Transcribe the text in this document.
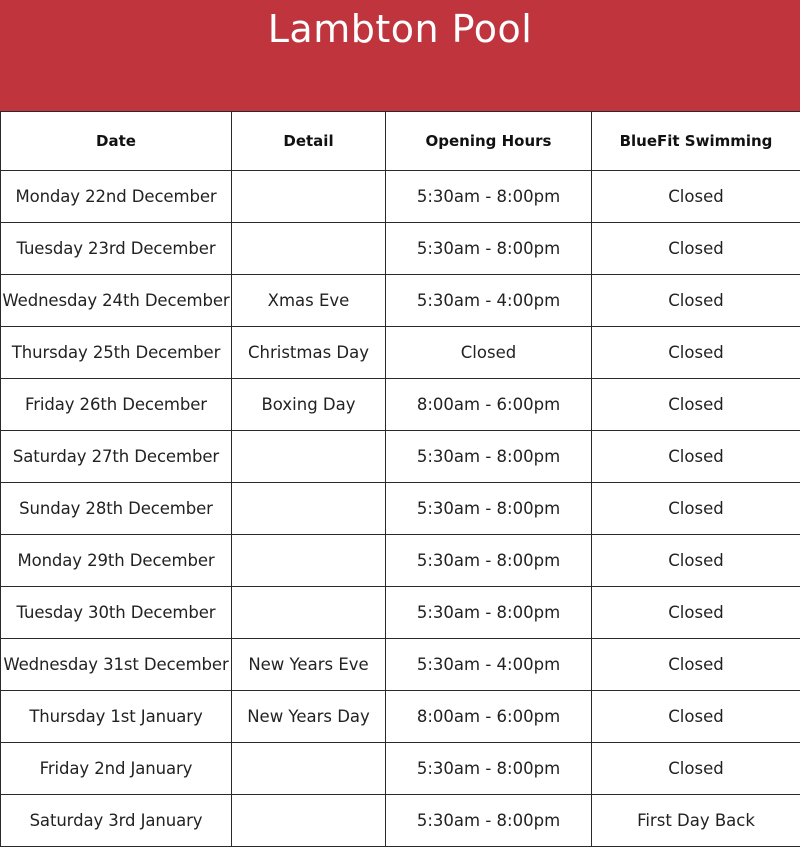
Lambton Pool
Date	Detail	Opening Hours	BlueFit Swimming
Monday 22nd December		5:30am - 8:00pm	Closed
Tuesday 23rd December		5:30am - 8:00pm	Closed
Wednesday 24th December	Xmas Eve	5:30am - 4:00pm	Closed
Thursday 25th December	Christmas Day	Closed	Closed
Friday 26th December	Boxing Day	8:00am - 6:00pm	Closed
Saturday 27th December		5:30am - 8:00pm	Closed
Sunday 28th December		5:30am - 8:00pm	Closed
Monday 29th December		5:30am - 8:00pm	Closed
Tuesday 30th December		5:30am - 8:00pm	Closed
Wednesday 31st December	New Years Eve	5:30am - 4:00pm	Closed
Thursday 1st January	New Years Day	8:00am - 6:00pm	Closed
Friday 2nd January		5:30am - 8:00pm	Closed
Saturday 3rd January		5:30am - 8:00pm	First Day Back
